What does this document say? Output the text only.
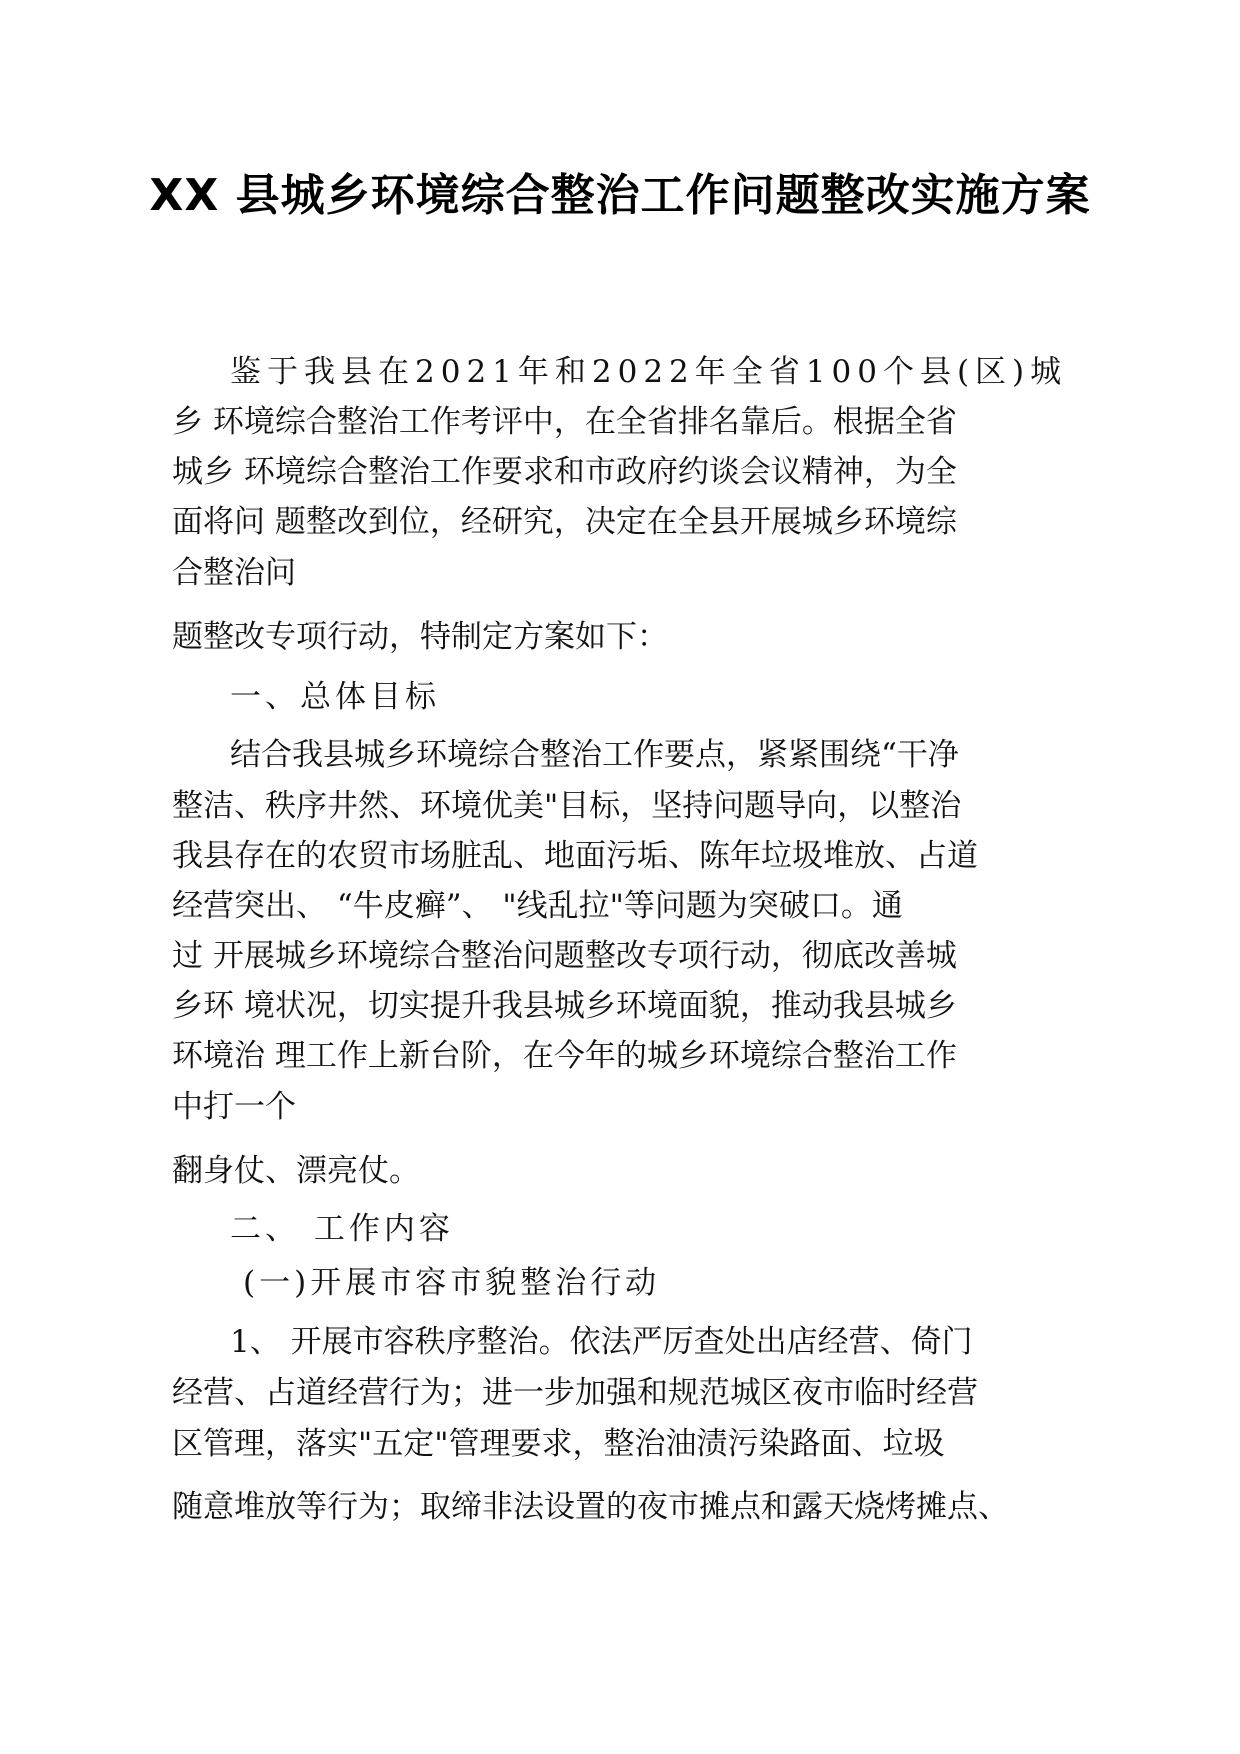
XX 县城乡环境综合整治工作问题整改实施方案
鉴于我县在2021年和2022年全省100个县(区)城
乡 环境综合整治工作考评中，在全省排名靠后。根据全省
城乡 环境综合整治工作要求和市政府约谈会议精神，为全
面将问 题整改到位，经研究，决定在全县开展城乡环境综
合整治问
题整改专项行动，特制定方案如下：
一、总体目标
结合我县城乡环境综合整治工作要点，紧紧围绕“干净
整洁、秩序井然、环境优美"目标，坚持问题导向，以整治
我县存在的农贸市场脏乱、地面污垢、陈年垃圾堆放、占道
经营突出、 “牛皮癣”、 "线乱拉"等问题为突破口。通
过 开展城乡环境综合整治问题整改专项行动，彻底改善城
乡环 境状况，切实提升我县城乡环境面貌，推动我县城乡
环境治 理工作上新台阶，在今年的城乡环境综合整治工作
中打一个
翻身仗、漂亮仗。
二、 工作内容
(一)开展市容市貌整治行动
1、 开展市容秩序整治。依法严厉查处出店经营、倚门
经营、占道经营行为；进一步加强和规范城区夜市临时经营
区管理，落实"五定"管理要求，整治油渍污染路面、垃圾
随意堆放等行为；取缔非法设置的夜市摊点和露天烧烤摊点、
